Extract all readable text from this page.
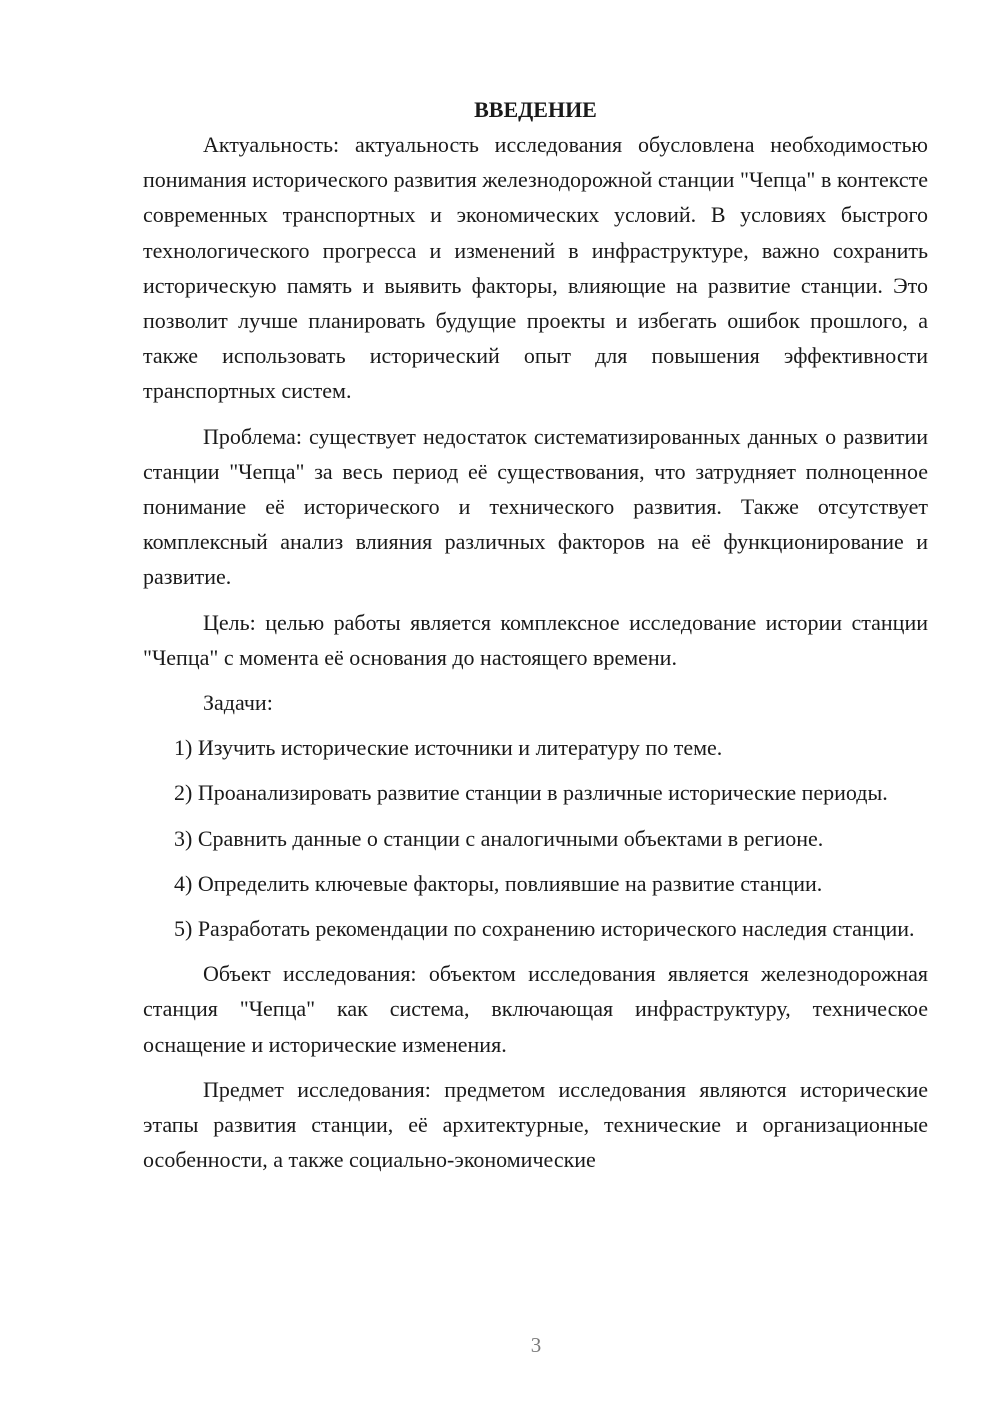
ВВЕДЕНИЕ

Актуальность: актуальность исследования обусловлена необходимостью понимания исторического развития железнодорожной станции "Чепца" в контексте современных транспортных и экономических условий. В условиях быстрого технологического прогресса и изменений в инфраструктуре, важно сохранить историческую память и выявить факторы, влияющие на развитие станции. Это позволит лучше планировать будущие проекты и избегать ошибок прошлого, а также использовать исторический опыт для повышения эффективности транспортных систем.

Проблема: существует недостаток систематизированных данных о развитии станции "Чепца" за весь период её существования, что затрудняет полноценное понимание её исторического и технического развития. Также отсутствует комплексный анализ влияния различных факторов на её функционирование и развитие.

Цель: целью работы является комплексное исследование истории станции "Чепца" с момента её основания до настоящего времени.

Задачи:

1) Изучить исторические источники и литературу по теме.

2) Проанализировать развитие станции в различные исторические периоды.

3) Сравнить данные о станции с аналогичными объектами в регионе.

4) Определить ключевые факторы, повлиявшие на развитие станции.

5) Разработать рекомендации по сохранению исторического наследия станции.

Объект исследования: объектом исследования является железнодорожная станция "Чепца" как система, включающая инфраструктуру, техническое оснащение и исторические изменения.

Предмет исследования: предметом исследования являются исторические этапы развития станции, её архитектурные, технические и организационные особенности, а также социально-экономические

3
